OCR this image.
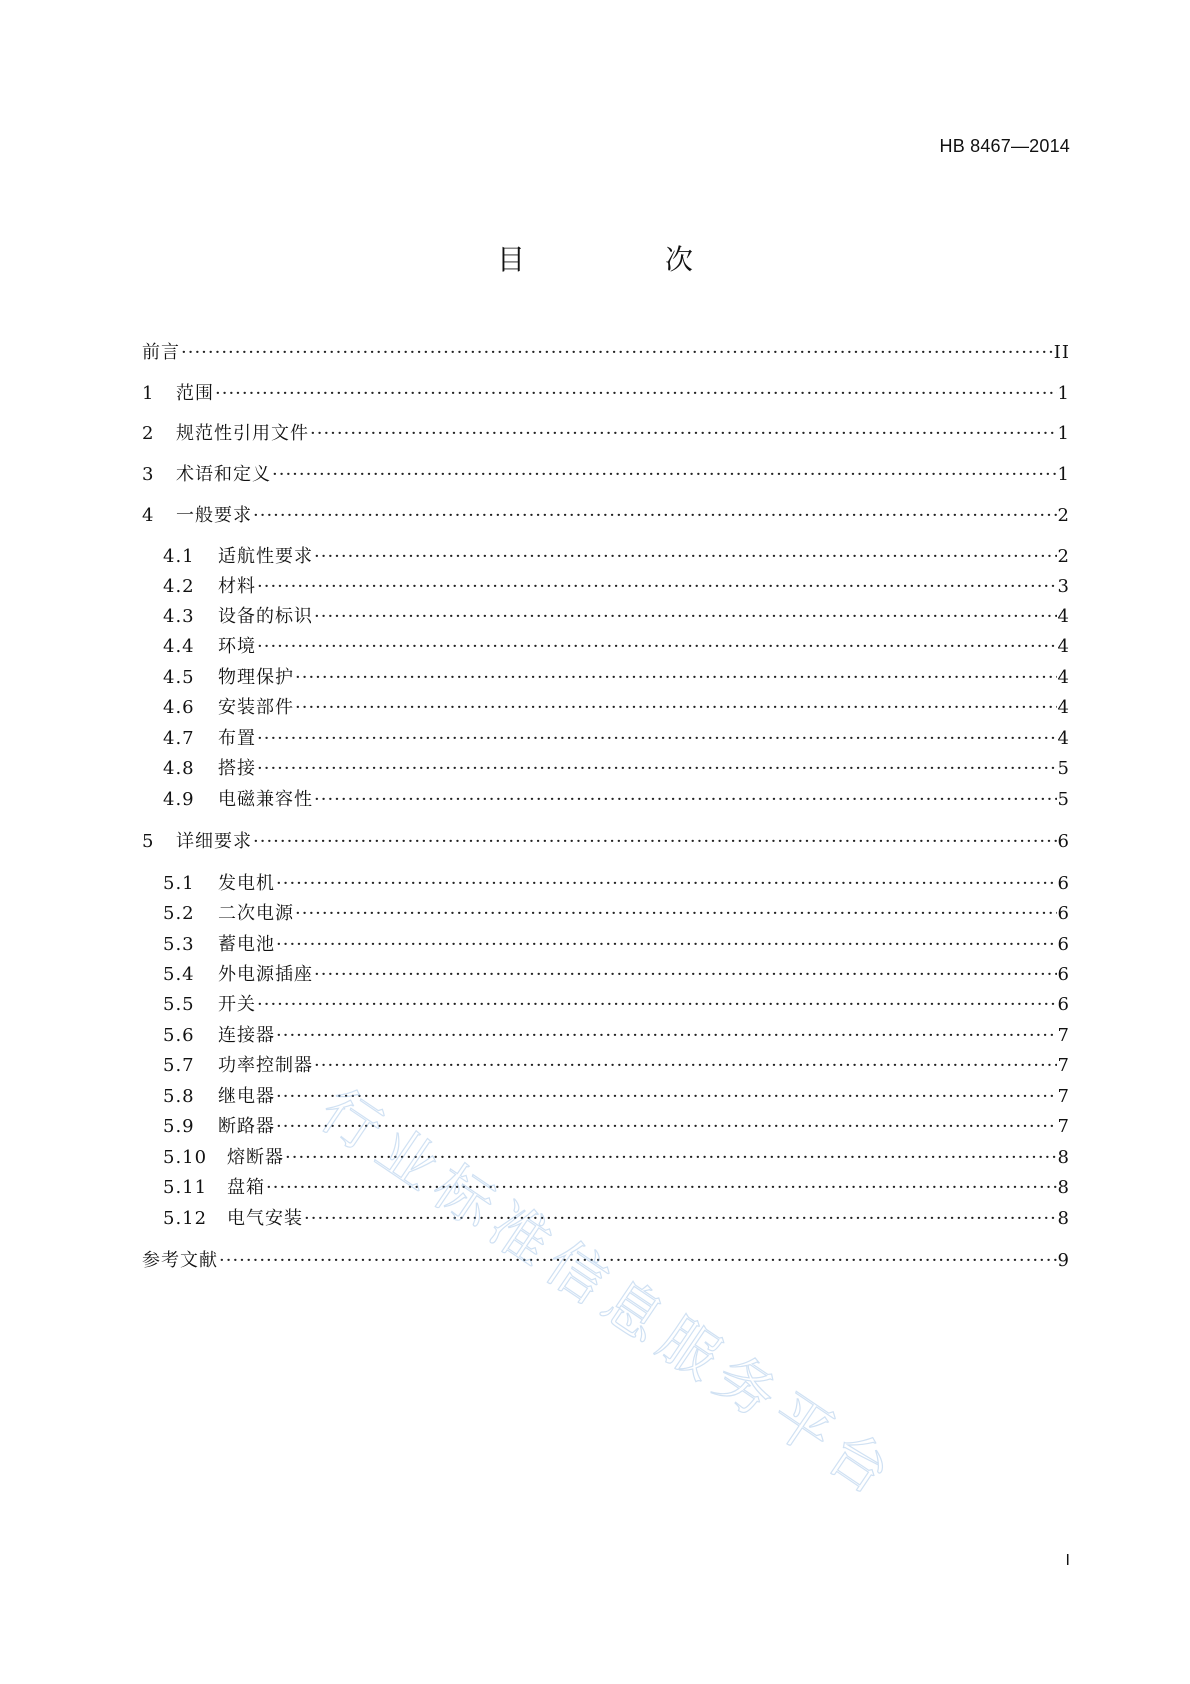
HB 8467—2014
目　次
前言 ·····	II
1	范围 ·····	1
2	规范性引用文件 ·····	1
3	术语和定义 ·····	1
4	一般要求 ·····	2
4.1	适航性要求 ·····	2
4.2	材料 ·····	3
4.3	设备的标识 ·····	4
4.4	环境 ·····	4
4.5	物理保护 ·····	4
4.6	安装部件 ·····	4
4.7	布置 ·····	4
4.8	搭接 ·····	5
4.9	电磁兼容性 ·····	5
5	详细要求 ·····	6
5.1	发电机 ·····	6
5.2	二次电源 ·····	6
5.3	蓄电池 ·····	6
5.4	外电源插座 ·····	6
5.5	开关 ·····	6
5.6	连接器 ·····	7
5.7	功率控制器 ·····	7
5.8	继电器 ·····	7
5.9	断路器 ·····	7
5.10	熔断器 ·····	8
5.11	盘箱 ·····	8
5.12	电气安装 ·····	8
参考文献 ·····	9
行业标准信息服务平台
I
